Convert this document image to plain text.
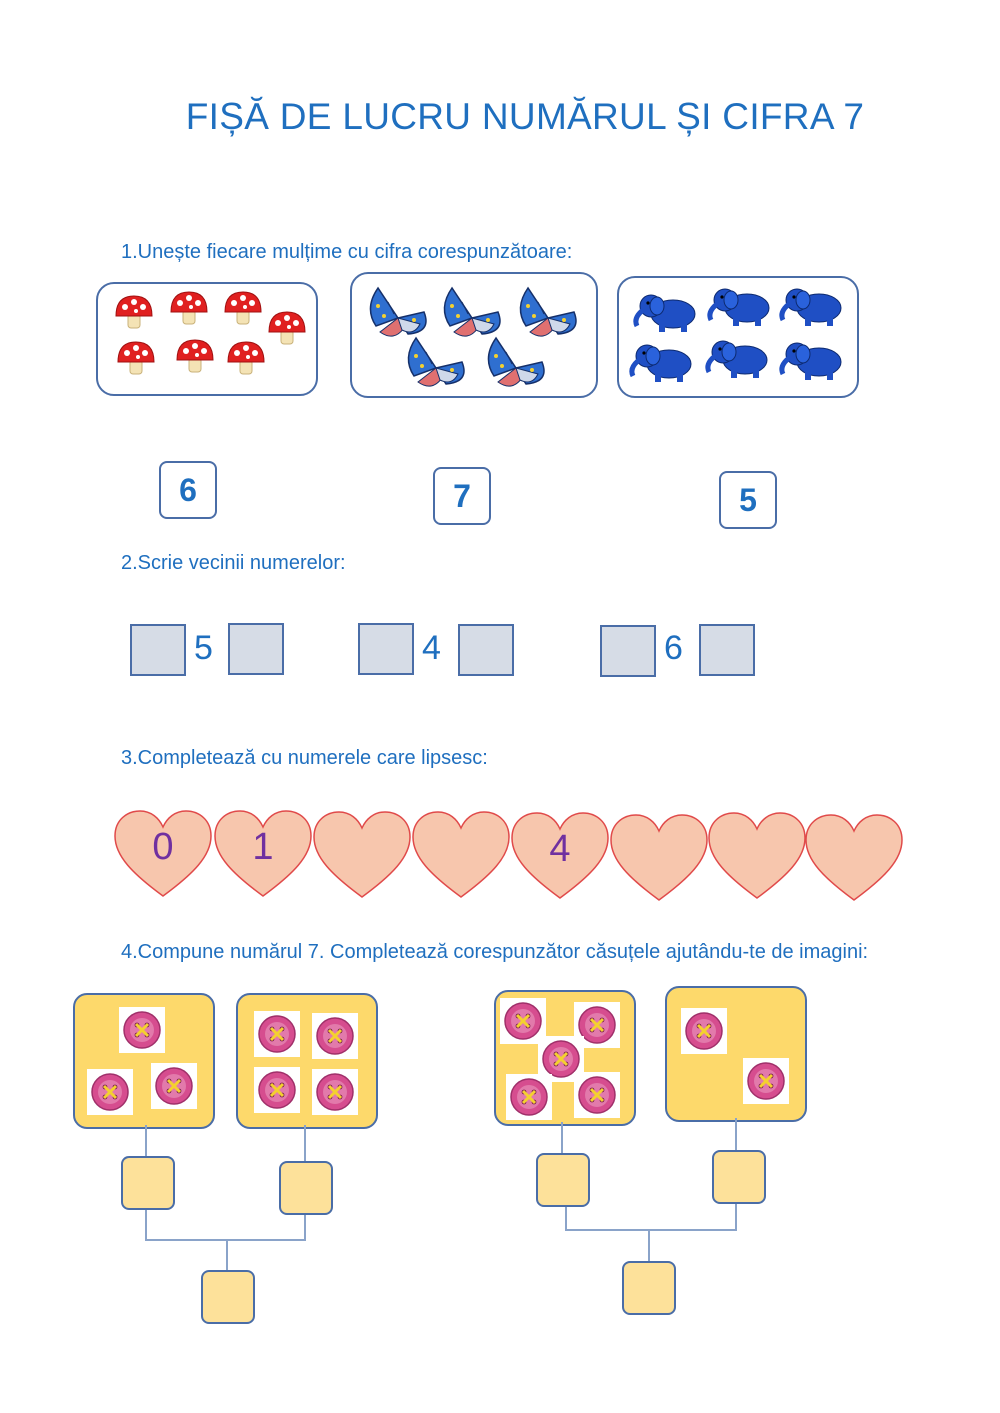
FIȘĂ DE LUCRU NUMĂRUL ȘI CIFRA 7
1.Unește fiecare mulțime cu cifra corespunzătoare:
6	7	5
2.Scrie vecinii numerelor:
5	4	6
3.Completează cu numerele care lipsesc:
0	1	4
4.Compune numărul 7. Completează corespunzător căsuțele ajutându-te de imagini:
